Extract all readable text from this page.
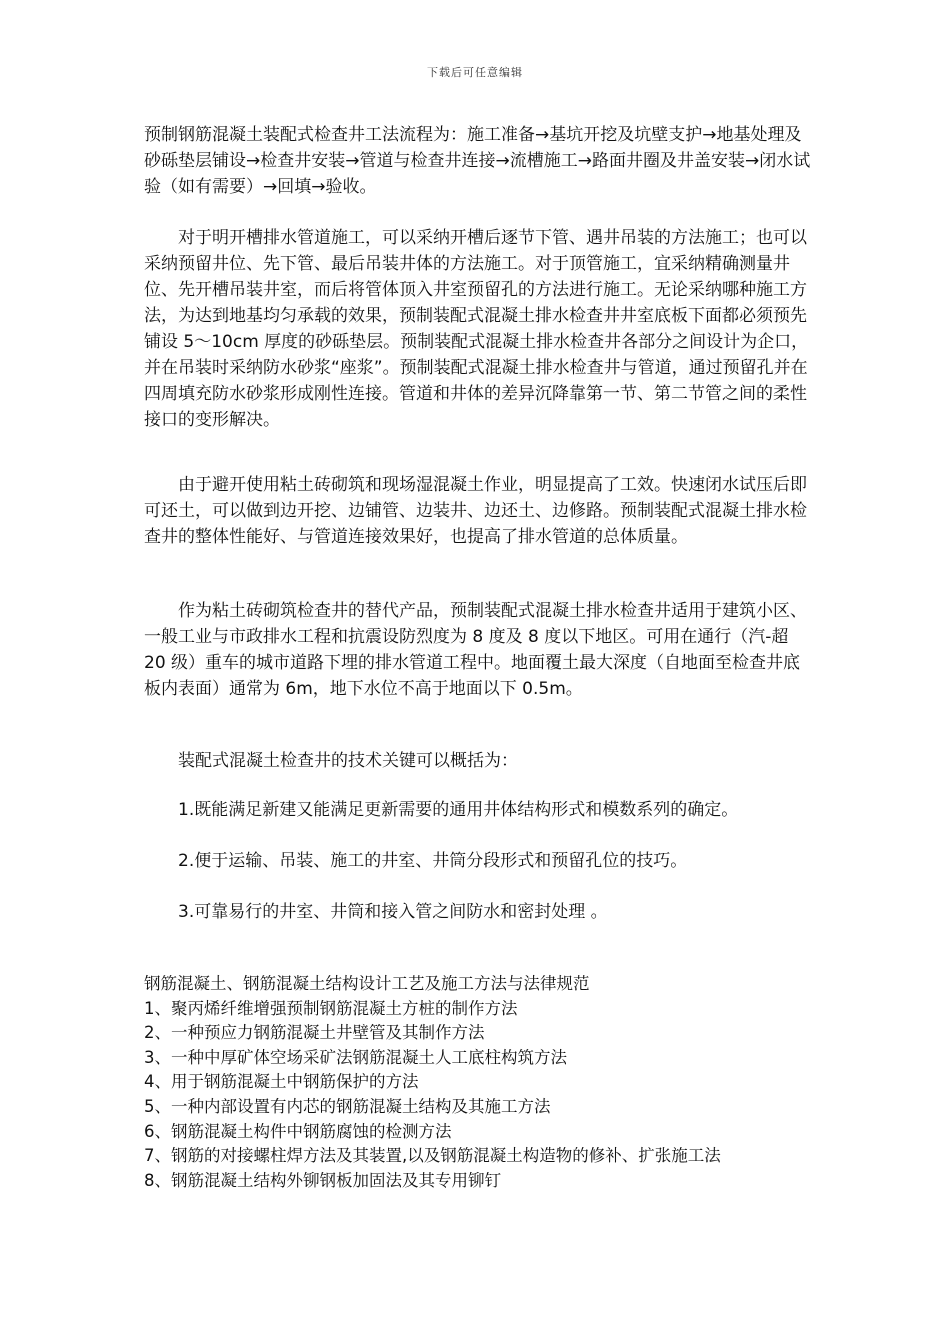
下载后可任意编辑

预制钢筋混凝土装配式检查井工法流程为：施工准备→基坑开挖及坑壁支护→地基处理及砂砾垫层铺设→检查井安装→管道与检查井连接→流槽施工→路面井圈及井盖安装→闭水试验（如有需要）→回填→验收。

对于明开槽排水管道施工，可以采纳开槽后逐节下管、遇井吊装的方法施工；也可以采纳预留井位、先下管、最后吊装井体的方法施工。对于顶管施工，宜采纳精确测量井位、先开槽吊装井室，而后将管体顶入井室预留孔的方法进行施工。无论采纳哪种施工方法，为达到地基均匀承载的效果，预制装配式混凝土排水检查井井室底板下面都必须预先铺设 5～10cm 厚度的砂砾垫层。预制装配式混凝土排水检查井各部分之间设计为企口，并在吊装时采纳防水砂浆“座浆”。预制装配式混凝土排水检查井与管道，通过预留孔并在四周填充防水砂浆形成刚性连接。管道和井体的差异沉降靠第一节、第二节管之间的柔性接口的变形解决。

由于避开使用粘土砖砌筑和现场湿混凝土作业，明显提高了工效。快速闭水试压后即可还土，可以做到边开挖、边铺管、边装井、边还土、边修路。预制装配式混凝土排水检查井的整体性能好、与管道连接效果好，也提高了排水管道的总体质量。

作为粘土砖砌筑检查井的替代产品，预制装配式混凝土排水检查井适用于建筑小区、一般工业与市政排水工程和抗震设防烈度为 8 度及 8 度以下地区。可用在通行（汽-超 20 级）重车的城市道路下埋的排水管道工程中。地面覆土最大深度（自地面至检查井底板内表面）通常为 6m，地下水位不高于地面以下 0.5m。

装配式混凝土检查井的技术关键可以概括为：

1.既能满足新建又能满足更新需要的通用井体结构形式和模数系列的确定。

2.便于运输、吊装、施工的井室、井筒分段形式和预留孔位的技巧。

3.可靠易行的井室、井筒和接入管之间防水和密封处理 。

钢筋混凝土、钢筋混凝土结构设计工艺及施工方法与法律规范

1、聚丙烯纤维增强预制钢筋混凝土方桩的制作方法

2、一种预应力钢筋混凝土井壁管及其制作方法

3、一种中厚矿体空场采矿法钢筋混凝土人工底柱构筑方法

4、用于钢筋混凝土中钢筋保护的方法

5、一种内部设置有内芯的钢筋混凝土结构及其施工方法

6、钢筋混凝土构件中钢筋腐蚀的检测方法

7、钢筋的对接螺柱焊方法及其装置,以及钢筋混凝土构造物的修补、扩张施工法

8、钢筋混凝土结构外铆钢板加固法及其专用铆钉
